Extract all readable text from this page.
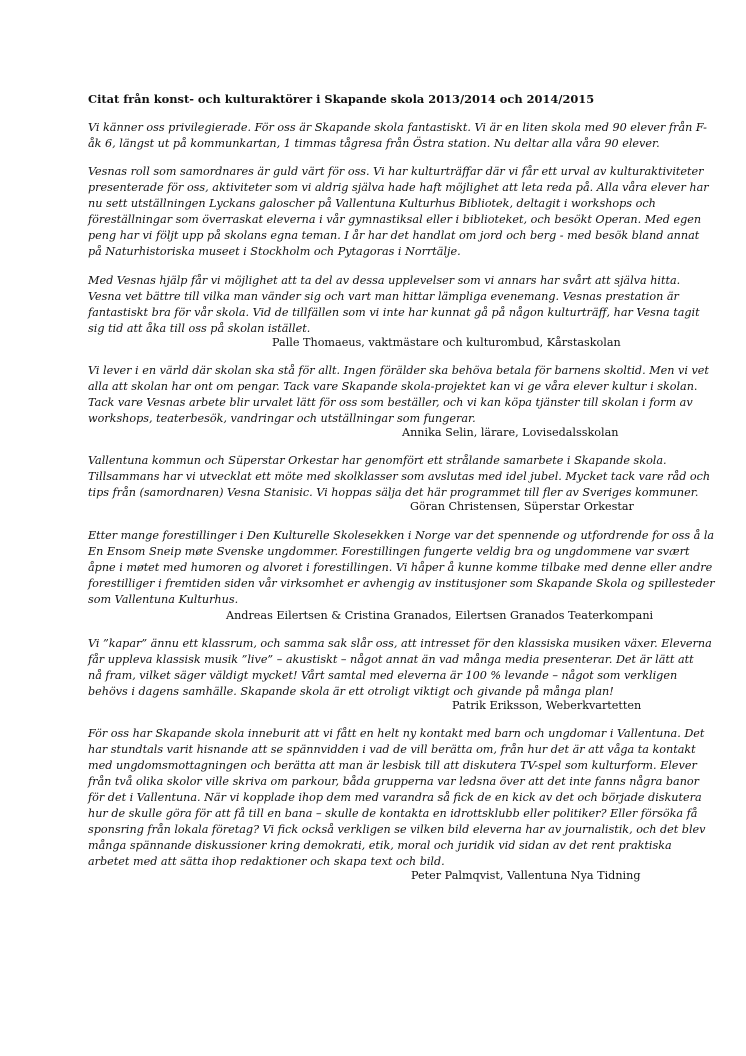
Citat från konst- och kulturaktörer i Skapande skola 2013/2014 och 2014/2015
Vi känner oss privilegierade. För oss är Skapande skola fantastiskt. Vi är en liten skola med 90 elever från F-
åk 6, längst ut på kommunkartan, 1 timmas tågresa från Östra station. Nu deltar alla våra 90 elever.
Vesnas roll som samordnares är guld värt för oss. Vi har kulturträffar där vi får ett urval av kulturaktiviteter
presenterade för oss, aktiviteter som vi aldrig själva hade haft möjlighet att leta reda på. Alla våra elever har
nu sett utställningen Lyckans galoscher på Vallentuna Kulturhus Bibliotek, deltagit i workshops och
föreställningar som överraskat eleverna i vår gymnastiksal eller i biblioteket, och besökt Operan. Med egen
peng har vi följt upp på skolans egna teman. I år har det handlat om jord och berg - med besök bland annat
på Naturhistoriska museet i Stockholm och Pytagoras i Norrtälje.
Med Vesnas hjälp får vi möjlighet att ta del av dessa upplevelser som vi annars har svårt att själva hitta.
Vesna vet bättre till vilka man vänder sig och vart man hittar lämpliga evenemang. Vesnas prestation är
fantastiskt bra för vår skola. Vid de tillfällen som vi inte har kunnat gå på någon kulturträff, har Vesna tagit
sig tid att åka till oss på skolan istället.
Palle Thomaeus, vaktmästare och kulturombud, Kårstaskolan
Vi lever i en värld där skolan ska stå för allt. Ingen förälder ska behöva betala för barnens skoltid. Men vi vet
alla att skolan har ont om pengar. Tack vare Skapande skola-projektet kan vi ge våra elever kultur i skolan.
Tack vare Vesnas arbete blir urvalet lätt för oss som beställer, och vi kan köpa tjänster till skolan i form av
workshops, teaterbesök, vandringar och utställningar som fungerar.
Annika Selin, lärare, Lovisedalsskolan
Vallentuna kommun och Süperstar Orkestar har genomfört ett strålande samarbete i Skapande skola.
Tillsammans har vi utvecklat ett möte med skolklasser som avslutas med idel jubel. Mycket tack vare råd och
tips från (samordnaren) Vesna Stanisic. Vi hoppas sälja det här programmet till fler av Sveriges kommuner.
Göran Christensen, Süperstar Orkestar
Etter mange forestillinger i Den Kulturelle Skolesekken i Norge var det spennende og utfordrende for oss å la
En Ensom Sneip møte Svenske ungdommer. Forestillingen fungerte veldig bra og ungdommene var svært
åpne i møtet med humoren og alvoret i forestillingen. Vi håper å kunne komme tilbake med denne eller andre
forestilliger i fremtiden siden vår virksomhet er avhengig av institusjoner som Skapande Skola og spillesteder
som Vallentuna Kulturhus.
Andreas Eilertsen & Cristina Granados, Eilertsen Granados Teaterkompani
Vi ”kapar” ännu ett klassrum, och samma sak slår oss, att intresset för den klassiska musiken växer. Eleverna
får uppleva klassisk musik ”live” – akustiskt – något annat än vad många media presenterar. Det är lätt att
nå fram, vilket säger väldigt mycket! Vårt samtal med eleverna är 100 % levande – något som verkligen
behövs i dagens samhälle. Skapande skola är ett otroligt viktigt och givande på många plan!
Patrik Eriksson, Weberkvartetten
För oss har Skapande skola inneburit att vi fått en helt ny kontakt med barn och ungdomar i Vallentuna. Det
har stundtals varit hisnande att se spännvidden i vad de vill berätta om, från hur det är att våga ta kontakt
med ungdomsmottagningen och berätta att man är lesbisk till att diskutera TV-spel som kulturform. Elever
från två olika skolor ville skriva om parkour, båda grupperna var ledsna över att det inte fanns några banor
för det i Vallentuna. När vi kopplade ihop dem med varandra så fick de en kick av det och började diskutera
hur de skulle göra för att få till en bana – skulle de kontakta en idrottsklubb eller politiker? Eller försöka få
sponsring från lokala företag? Vi fick också verkligen se vilken bild eleverna har av journalistik, och det blev
många spännande diskussioner kring demokrati, etik, moral och juridik vid sidan av det rent praktiska
arbetet med att sätta ihop redaktioner och skapa text och bild.
Peter Palmqvist, Vallentuna Nya Tidning
